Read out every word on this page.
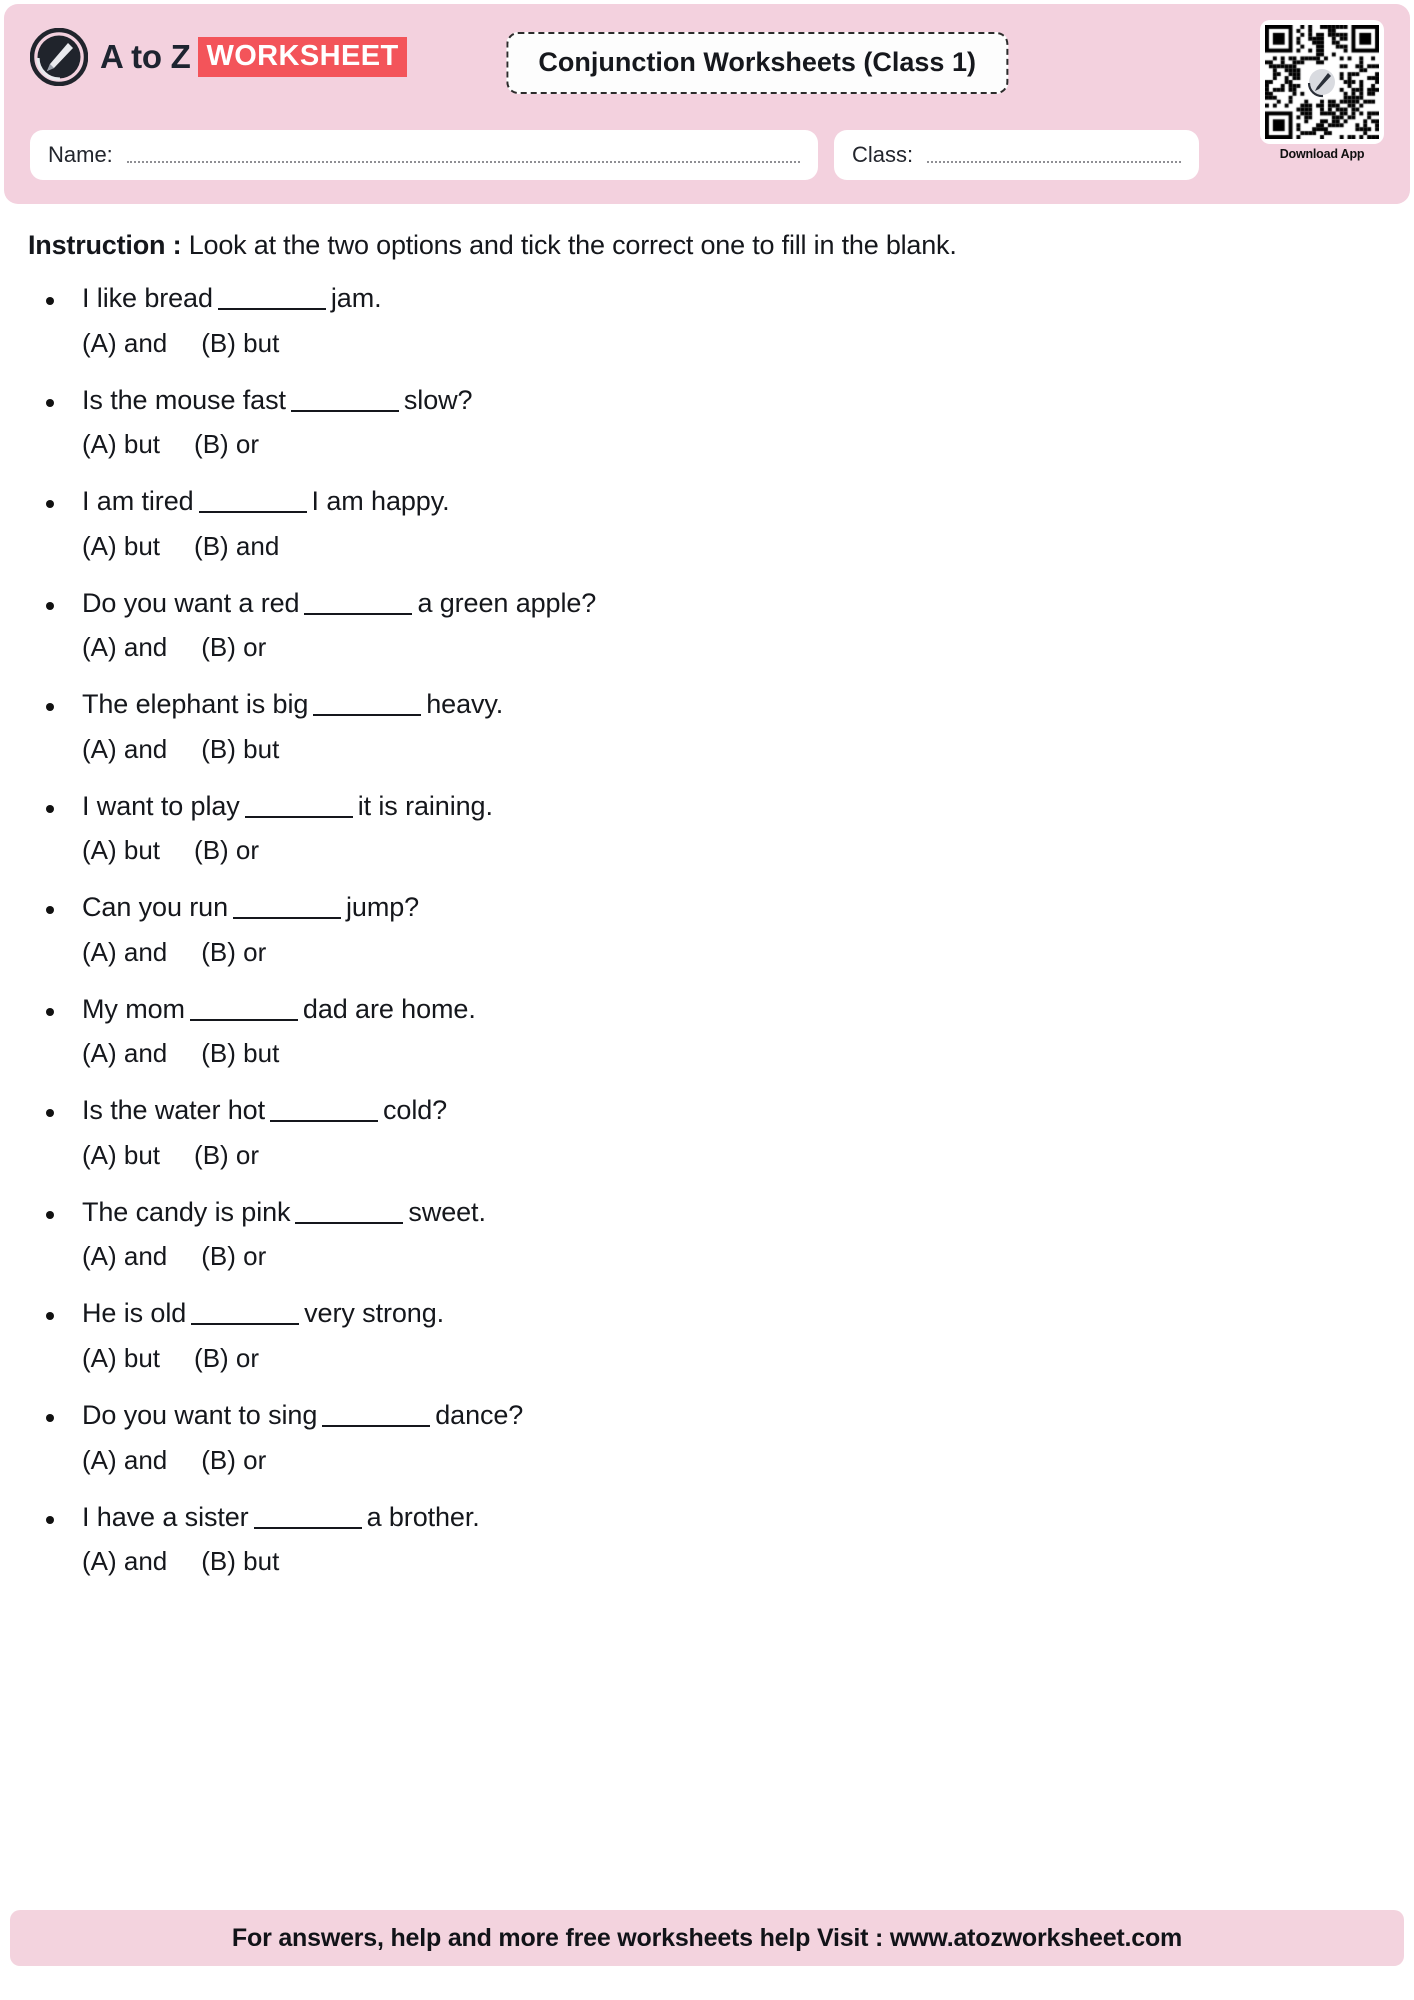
A to Z WORKSHEET	Conjunction Worksheets (Class 1)
Download App
Name:	Class:
Instruction : Look at the two options and tick the correct one to fill in the blank.
I like bread	jam.
(A) and (B) but
Is the mouse fast	slow?
(A) but (B) or
I am tired	I am happy.
(A) but (B) and
Do you want a red	a green apple?
(A) and (B) or
The elephant is big	heavy.
(A) and (B) but
I want to play	it is raining.
(A) but (B) or
Can you run	jump?
(A) and (B) or
My mom	dad are home.
(A) and (B) but
Is the water hot	cold?
(A) but (B) or
The candy is pink	sweet.
(A) and (B) or
He is old	very strong.
(A) but (B) or
Do you want to sing	dance?
(A) and (B) or
I have a sister	a brother.
(A) and (B) but
For answers, help and more free worksheets help Visit : www.atozworksheet.com
